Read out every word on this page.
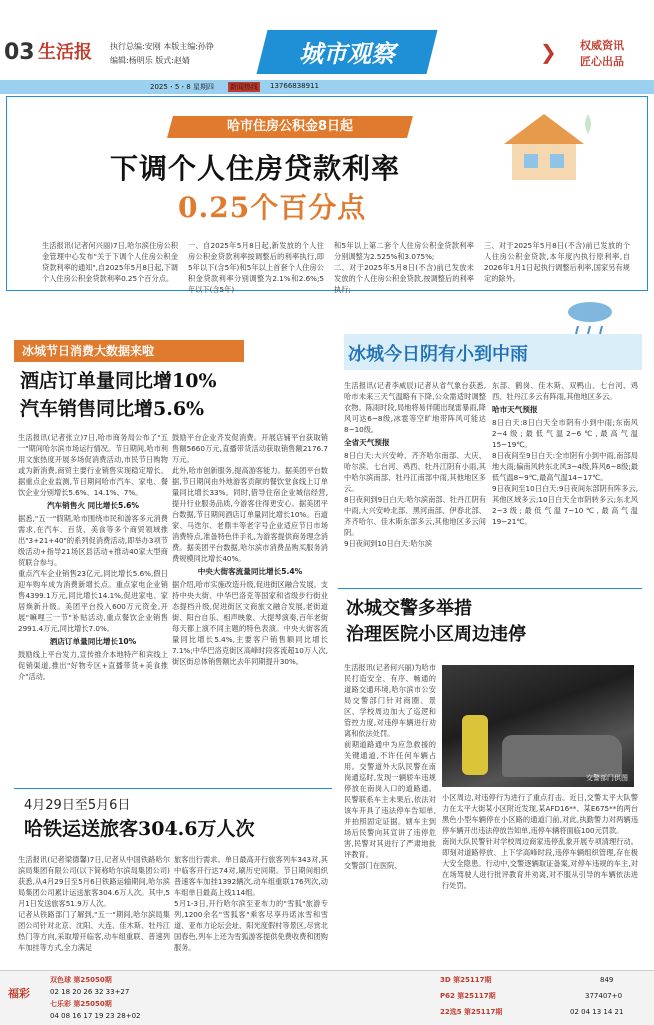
03 生活报 执行总编:安刚 本版主编:孙铮
编辑:杨明乐 版式:赵婧	城市观察	❯	权威资讯
匠心出品
2025・5・8 星期四 新闻热线 13766838911
哈市住房公积金8日起
下调个人住房贷款利率
0.25个百分点

生活报讯(记者何兴丽)7日,哈尔滨住房公积金管理中心发布"关于下调个人住房公积金贷款利率的通知",自2025年5月8日起,下调个人住房公积金贷款利率0.25个百分点。

一、自2025年5月8日起,新发放的个人住房公积金贷款利率按调整后的利率执行,即5年以下(含5年)和5年以上首套个人住房公积金贷款利率分别调整为2.1%和2.6%;5年以下(含5年)

和5年以上第二套个人住房公积金贷款利率分别调整为2.525%和3.075%;

二、对于2025年5月8日(不含)前已发放未发放的个人住房公积金贷款,按调整后的利率执行;

三、对于2025年5月8日(不含)前已发放的个人住房公积金贷款,本年度内执行原利率,自2026年1月1日起执行调整后利率,国家另有规定的除外。

冰城节日消费大数据来啦
酒店订单量同比增10%
汽车销售同比增5.6%

生活报讯(记者张立)7日,哈市商务局公布了"五一"期间哈尔滨市场运行情况。节日期间,哈市利用文旅热度开展多场促消费活动,市民节日购物或为新消费,商贸主要行业销售实现稳定增长。据重点企业监测,节日期间哈市汽车、家电、餐饮企业分别增长5.6%、14.1%、7%。

汽车销售火 同比增长5.6%

据悉,"五一"假期,哈市围绕市民和游客多元消费需求,在汽车、百货、美食等多个商贸领域推出"3+21+40"的系列促消费活动,即举办3项节级活动+指导21场区县活动+推动40家大型商贸联合参与。

重点汽车企业销售23亿元,同比增长5.6%,假日迎车购车成为消费新增长点。重点家电企业销售4399.1万元,同比增长14.1%,促进家电、家居焕新升级。美团平台投入600万元资金,开展"嘛哩三一节"补贴活动,重点餐饮企业销售2991.4万元,同比增长7.0%。

酒店订单量同比增长10%

鼓励线上平台发力,宣传推介本地特产和宾线上促销渠道,推出"好物专区+直播带货+美食推介"活动,

鼓励平台企业齐发促消费。开展店铺平台获取销售额5660万元,直播带货活动获取销售额2176.7万元。

此外,哈市创新服务,提高游客能力。据美团平台数据,节日期间由外地游客贡献的餐饮堂食线上订单量同比增长33%。同时,借导住宿企业城信经营,提升行业服务品质,今游客住得更安心。据美团平台数据,节日期间酒店订单量同比增长10%。百道家、马迭尔、老鼎丰等老字号企业适应节日市场消费特点,准备特色伴手礼,为游客提供商务理念消费。据美团平台数据,哈尔滨市消费品购买服务消费规模同比增长40%。

中央大街客流量同比增长5.4%

据介绍,哈市实施改造升级,促进街区融合发展。支持中央大街、中华巴洛克等国家和省级步行街业态提档升级,促进街区文商旅文融合发展,老街道街、阳台自乐、相声映象、大提琴演奏,百年老街每天都上演不同主题的特色表演。中央大街客流量同比增长5.4%,主要客户销售额同比增长7.1%;中华巴洛克街区高峰时段客流超10万人次,街区街总体销售额比去年同期提升30%。

4月29日至5月6日
哈铁运送旅客304.6万人次

生活报讯(记者梁德馨)7日,记者从中国铁路哈尔滨局集团有限公司(以下简称哈尔滨局集团公司)获悉,从4月29日至5月6日铁路运输期间,哈尔滨局集团公司累计运送旅客304.6万人次。其中,5月1日发送旅客51.9万人次。

记者从铁路部门了解到,"五一"期间,哈尔滨局集团公司针对北京、沈阳、大连、佳木斯、牡丹江热门等方向,采取增开临客,动车组重联、普速列车加挂等方式,全力满足

旅客出行需求。单日最高开行旅客列车343对,其中临客开行达74对,刷历史同期。节日期间组织普速客车加挂1392辆次,动车组重联176列次,动车组单日最高上线114组。

5月1-3日,开行哈尔滨至亚布力的"雪狐"旅游专列,1200余名"雪狐客"乘客尽享丹诺冰雪和雪道、亚布力论坛会址、阳光度假村等景区,尽赏北国春色,列车上还为雪狐游客提供免费收费和团购服务。

冰城今日阴有小到中雨

生活报讯(记者李威辰)记者从省气象台获悉,哈市未来三天气温略有下降,公众需适时调整衣物。陈雨时段,局地将易伴随出现雷暴雨,降风可达6~8级,冰雹等空旷地带阵风可能达8~10级。

全省天气预报

8日白天:大兴安岭、齐齐哈尔南部、大庆、哈尔滨、七台河、鸡西、牡丹江阴有小雨,其中哈尔滨南部、牡丹江南部中雨,其他地区多云。

8日夜间到9日白天:哈尔滨南部、牡丹江阴有中雨,大兴安岭北部、黑河南部、伊春北部、齐齐哈尔、佳木斯东部多云,其他地区多云间阴。

9日夜间到10日白天:哈尔滨

东部、鹤岗、佳木斯、双鸭山、七台河、鸡西、牡丹江多云有阵雨,其他地区多云。

哈市天气预报

8日白天:8日白天全市阴有小到中雨;东南风2~4级;最低气温2~6℃,最高气温15~19℃。

8日夜间至9日白天:全市阴有小到中雨,南部局地大雨;偏南风转东北风3~4级,阵风6~8级;最低气温8~9℃,最高气温14~17℃。

9日夜间至10日白天:9日夜间东部阴有阵多云,其他区域多云;10日白天全市阴转多云;东北风2~3级;最低气温7~10℃,最高气温19~21℃。

冰城交警多举措
治理医院小区周边违停

生活报讯(记者何兴丽)为哈市民打造安全、有序、畅通的道路交通环境,哈尔滨市公安局交警部门针对商圈、景区、学校周边加大了巡逻和管控力度,对违停车辆进行劝离和依法处罚。

前期道路通中为应急救援的关键通道,不许任何车辆占用。交警道外大队民警在南岗通巡时,发现一辆轿车违规停放在南岗入口的道路通。民警联系车主未果后,依法对该车开具了违法停车告知单,并拍照固定证据。辖车主到场后民警向其宣讲了违停危害,民警对其进行了严肃地批评教育。

交警部门在医院、

交警部门供图

小区周边,对违停行为进行了重点打击。近日,交警太平大队警力在太平大街某小区附近发现,某AFD16**、某E675**的两台黑色小型车辆停在小区路的通道门前,对此,执勤警力对两辆违停车辆开出违法停放告知单,违停车辆将面临100元罚款。

南岗大队民警针对学校周边商家违停乱象开展专项清理行动。即刻对道路停放、上下学高峰时段,违停车辆组织管理,存在极大安全隐患。行动中,交警逐辆取证备案,对停车违规的车主,对在场驾驶人进行批评教育并劝离,对不服从引导的车辆依法进行处罚。

福彩
双色球 第25050期
02 18 20 26 32 33+27
七乐彩 第25050期
04 08 16 17 19 23 28+02
3D 第25117期	849
P62 第25117期	377407+0
22选5 第25117期	02 04 13 14 21
